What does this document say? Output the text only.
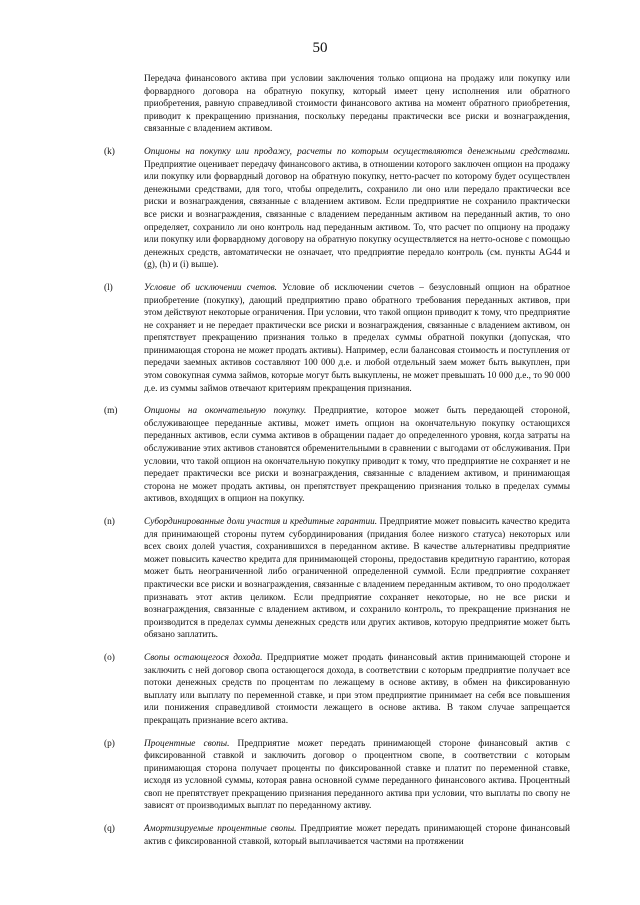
50

Передача финансового актива при условии заключения только опциона на продажу или покупку или форвардного договора на обратную покупку, который имеет цену исполнения или обратного приобретения, равную справедливой стоимости финансового актива на момент обратного приобретения, приводит к прекращению признания, поскольку переданы практически все риски и вознаграждения, связанные с владением активом.

(k)	Опционы на покупку или продажу, расчеты по которым осуществляются денежными средствами. Предприятие оценивает передачу финансового актива, в отношении которого заключен опцион на продажу или покупку или форвардный договор на обратную покупку, нетто-расчет по которому будет осуществлен денежными средствами, для того, чтобы определить, сохранило ли оно или передало практически все риски и вознаграждения, связанные с владением активом. Если предприятие не сохранило практически все риски и вознаграждения, связанные с владением переданным активом на переданный актив, то оно определяет, сохранило ли оно контроль над переданным активом. То, что расчет по опциону на продажу или покупку или форвардному договору на обратную покупку осуществляется на нетто-основе с помощью денежных средств, автоматически не означает, что предприятие передало контроль (см. пункты AG44 и (g), (h) и (i) выше).

(l)	Условие об исключении счетов. Условие об исключении счетов – безусловный опцион на обратное приобретение (покупку), дающий предприятию право обратного требования переданных активов, при этом действуют некоторые ограничения. При условии, что такой опцион приводит к тому, что предприятие не сохраняет и не передает практически все риски и вознаграждения, связанные с владением активом, он препятствует прекращению признания только в пределах суммы обратной покупки (допуская, что принимающая сторона не может продать активы). Например, если балансовая стоимость и поступления от передачи заемных активов составляют 100 000 д.е. и любой отдельный заем может быть выкуплен, при этом совокупная сумма займов, которые могут быть выкуплены, не может превышать 10 000 д.е., то 90 000 д.е. из суммы займов отвечают критериям прекращения признания.

(m)	Опционы на окончательную покупку. Предприятие, которое может быть передающей стороной, обслуживающее переданные активы, может иметь опцион на окончательную покупку остающихся переданных активов, если сумма активов в обращении падает до определенного уровня, когда затраты на обслуживание этих активов становятся обременительными в сравнении с выгодами от обслуживания. При условии, что такой опцион на окончательную покупку приводит к тому, что предприятие не сохраняет и не передает практически все риски и вознаграждения, связанные с владением активом, и принимающая сторона не может продать активы, он препятствует прекращению признания только в пределах суммы активов, входящих в опцион на покупку.

(n)	Субординированные доли участия и кредитные гарантии. Предприятие может повысить качество кредита для принимающей стороны путем субординирования (придания более низкого статуса) некоторых или всех своих долей участия, сохранившихся в переданном активе. В качестве альтернативы предприятие может повысить качество кредита для принимающей стороны, предоставив кредитную гарантию, которая может быть неограниченной либо ограниченной определенной суммой. Если предприятие сохраняет практически все риски и вознаграждения, связанные с владением переданным активом, то оно продолжает признавать этот актив целиком. Если предприятие сохраняет некоторые, но не все риски и вознаграждения, связанные с владением активом, и сохранило контроль, то прекращение признания не производится в пределах суммы денежных средств или других активов, которую предприятие может быть обязано заплатить.

(o)	Свопы остающегося дохода. Предприятие может продать финансовый актив принимающей стороне и заключить с ней договор свопа остающегося дохода, в соответствии с которым предприятие получает все потоки денежных средств по процентам по лежащему в основе активу, в обмен на фиксированную выплату или выплату по переменной ставке, и при этом предприятие принимает на себя все повышения или понижения справедливой стоимости лежащего в основе актива. В таком случае запрещается прекращать признание всего актива.

(p)	Процентные свопы. Предприятие может передать принимающей стороне финансовый актив с фиксированной ставкой и заключить договор о процентном свопе, в соответствии с которым принимающая сторона получает проценты по фиксированной ставке и платит по переменной ставке, исходя из условной суммы, которая равна основной сумме переданного финансового актива. Процентный своп не препятствует прекращению признания переданного актива при условии, что выплаты по свопу не зависят от производимых выплат по переданному активу.

(q)	Амортизируемые процентные свопы. Предприятие может передать принимающей стороне финансовый актив с фиксированной ставкой, который выплачивается частями на протяжении
